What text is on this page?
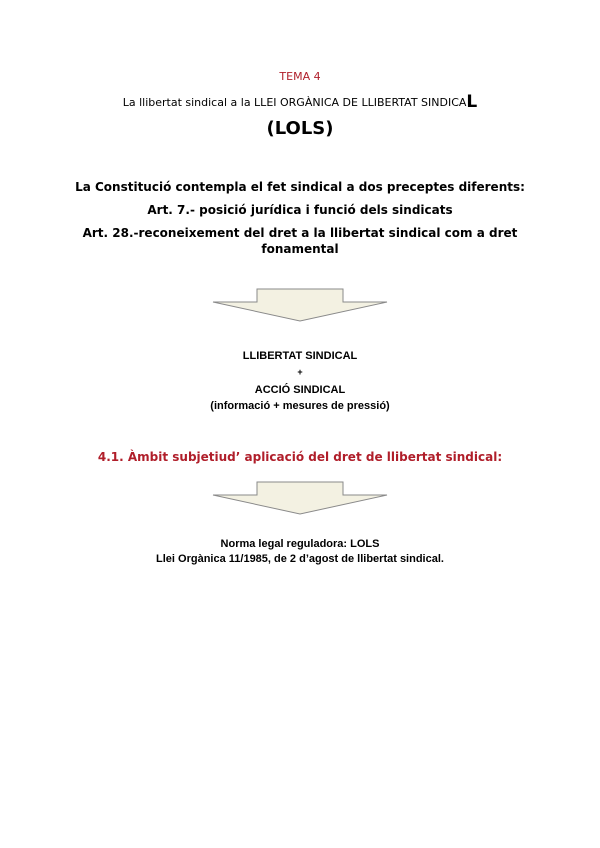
TEMA 4
La llibertat sindical a la LLEI ORGÀNICA DE LLIBERTAT SINDICAL
(LOLS)
La Constitució contempla el fet sindical a dos preceptes diferents:
Art. 7.- posició jurídica i funció dels sindicats
Art. 28.-reconeixement del dret a la llibertat sindical com a dret
fonamental
LLIBERTAT SINDICAL
+
ACCIÓ SINDICAL
(informació + mesures de pressió)
4.1. Àmbit subjetiud’ aplicació del dret de llibertat sindical:
Norma legal reguladora: LOLS
Llei Orgànica 11/1985, de 2 d’agost de llibertat sindical.
